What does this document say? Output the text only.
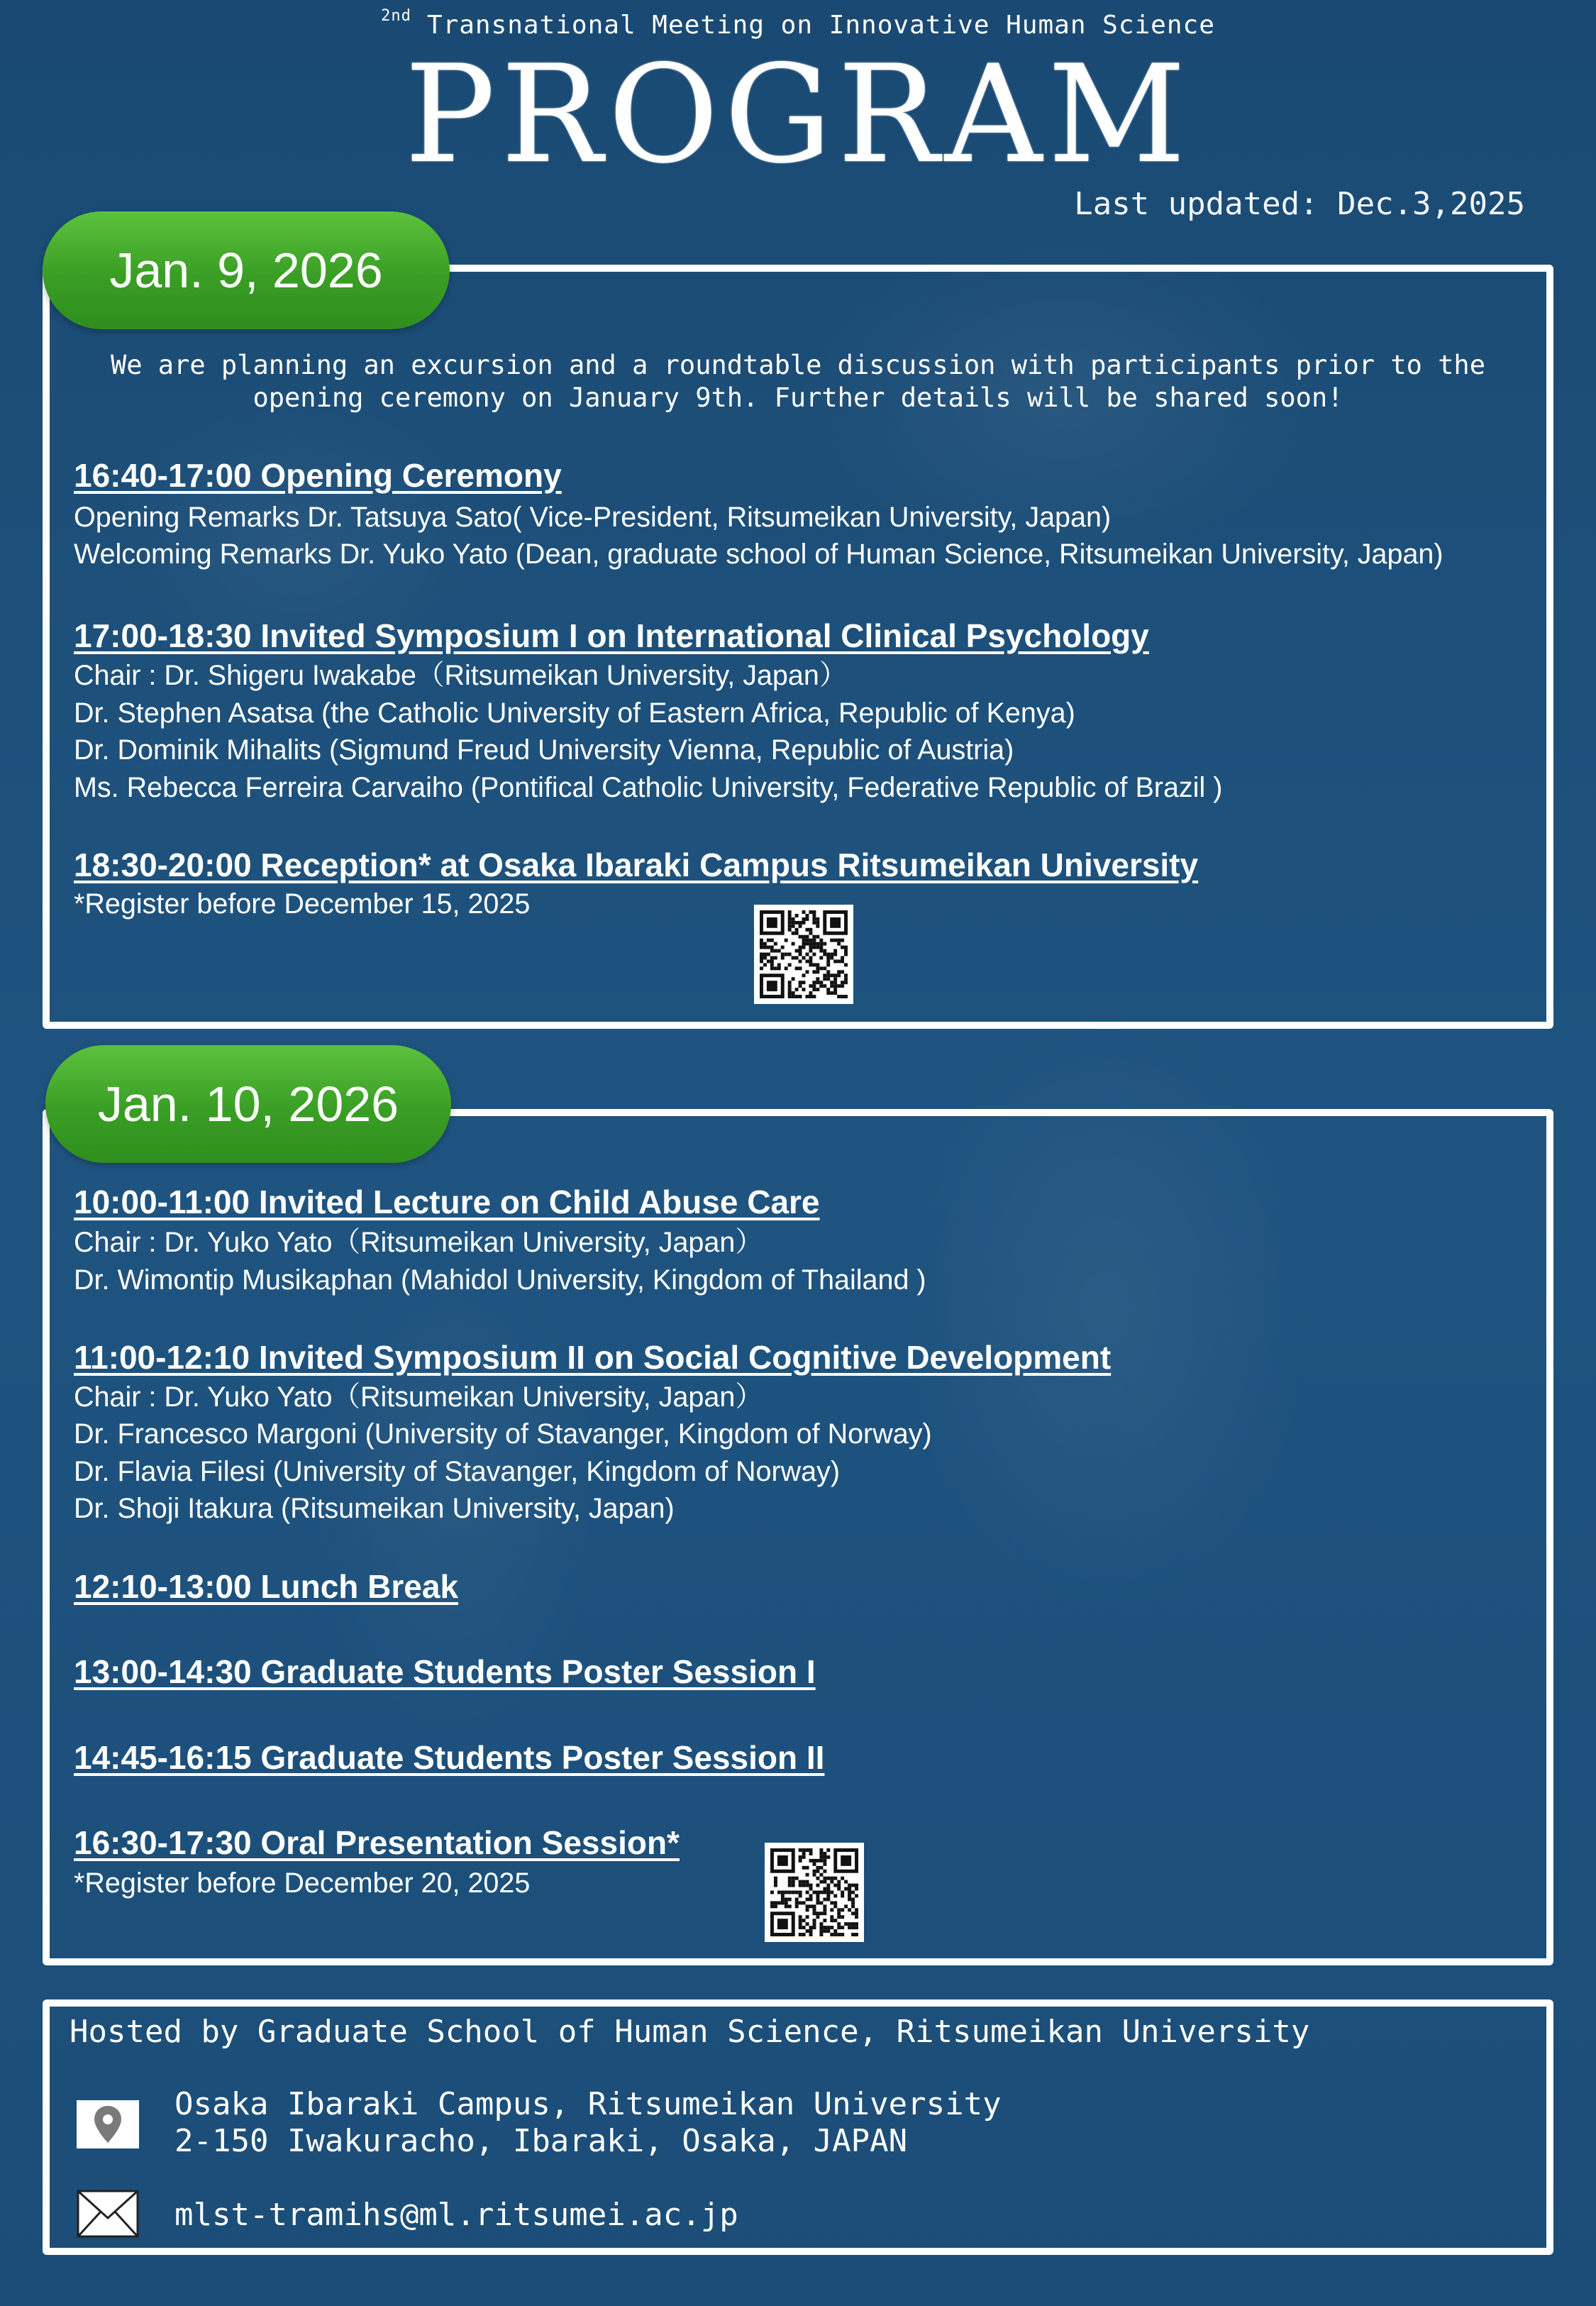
$^{2nd}$ Transnational Meeting on Innovative Human Science
PROGRAM
Last updated: Dec.3,2025
Jan. 9, 2026
We are planning an excursion and a roundtable discussion with participants prior to the
opening ceremony on January 9th. Further details will be shared soon!
16:40-17:00 Opening Ceremony
Opening Remarks Dr. Tatsuya Sato( Vice-President, Ritsumeikan University, Japan)
Welcoming Remarks Dr. Yuko Yato (Dean, graduate school of Human Science, Ritsumeikan University, Japan)
17:00-18:30 Invited Symposium I on International Clinical Psychology
Chair : Dr. Shigeru Iwakabe（Ritsumeikan University, Japan）
Dr. Stephen Asatsa (the Catholic University of Eastern Africa, Republic of Kenya)
Dr. Dominik Mihalits (Sigmund Freud University Vienna, Republic of Austria)
Ms. Rebecca Ferreira Carvaiho (Pontifical Catholic University, Federative Republic of Brazil )
18:30-20:00 Reception* at Osaka Ibaraki Campus Ritsumeikan University
*Register before December 15, 2025
Jan. 10, 2026
10:00-11:00 Invited Lecture on Child Abuse Care
Chair : Dr. Yuko Yato（Ritsumeikan University, Japan）
Dr. Wimontip Musikaphan (Mahidol University, Kingdom of Thailand )
11:00-12:10 Invited Symposium II on Social Cognitive Development
Chair : Dr. Yuko Yato（Ritsumeikan University, Japan）
Dr. Francesco Margoni (University of Stavanger, Kingdom of Norway)
Dr. Flavia Filesi (University of Stavanger, Kingdom of Norway)
Dr. Shoji Itakura (Ritsumeikan University, Japan)
12:10-13:00 Lunch Break
13:00-14:30 Graduate Students Poster Session I
14:45-16:15 Graduate Students Poster Session II
16:30-17:30 Oral Presentation Session*
*Register before December 20, 2025
Hosted by Graduate School of Human Science, Ritsumeikan University
Osaka Ibaraki Campus, Ritsumeikan University
2-150 Iwakuracho, Ibaraki, Osaka, JAPAN
mlst-tramihs@ml.ritsumei.ac.jp
